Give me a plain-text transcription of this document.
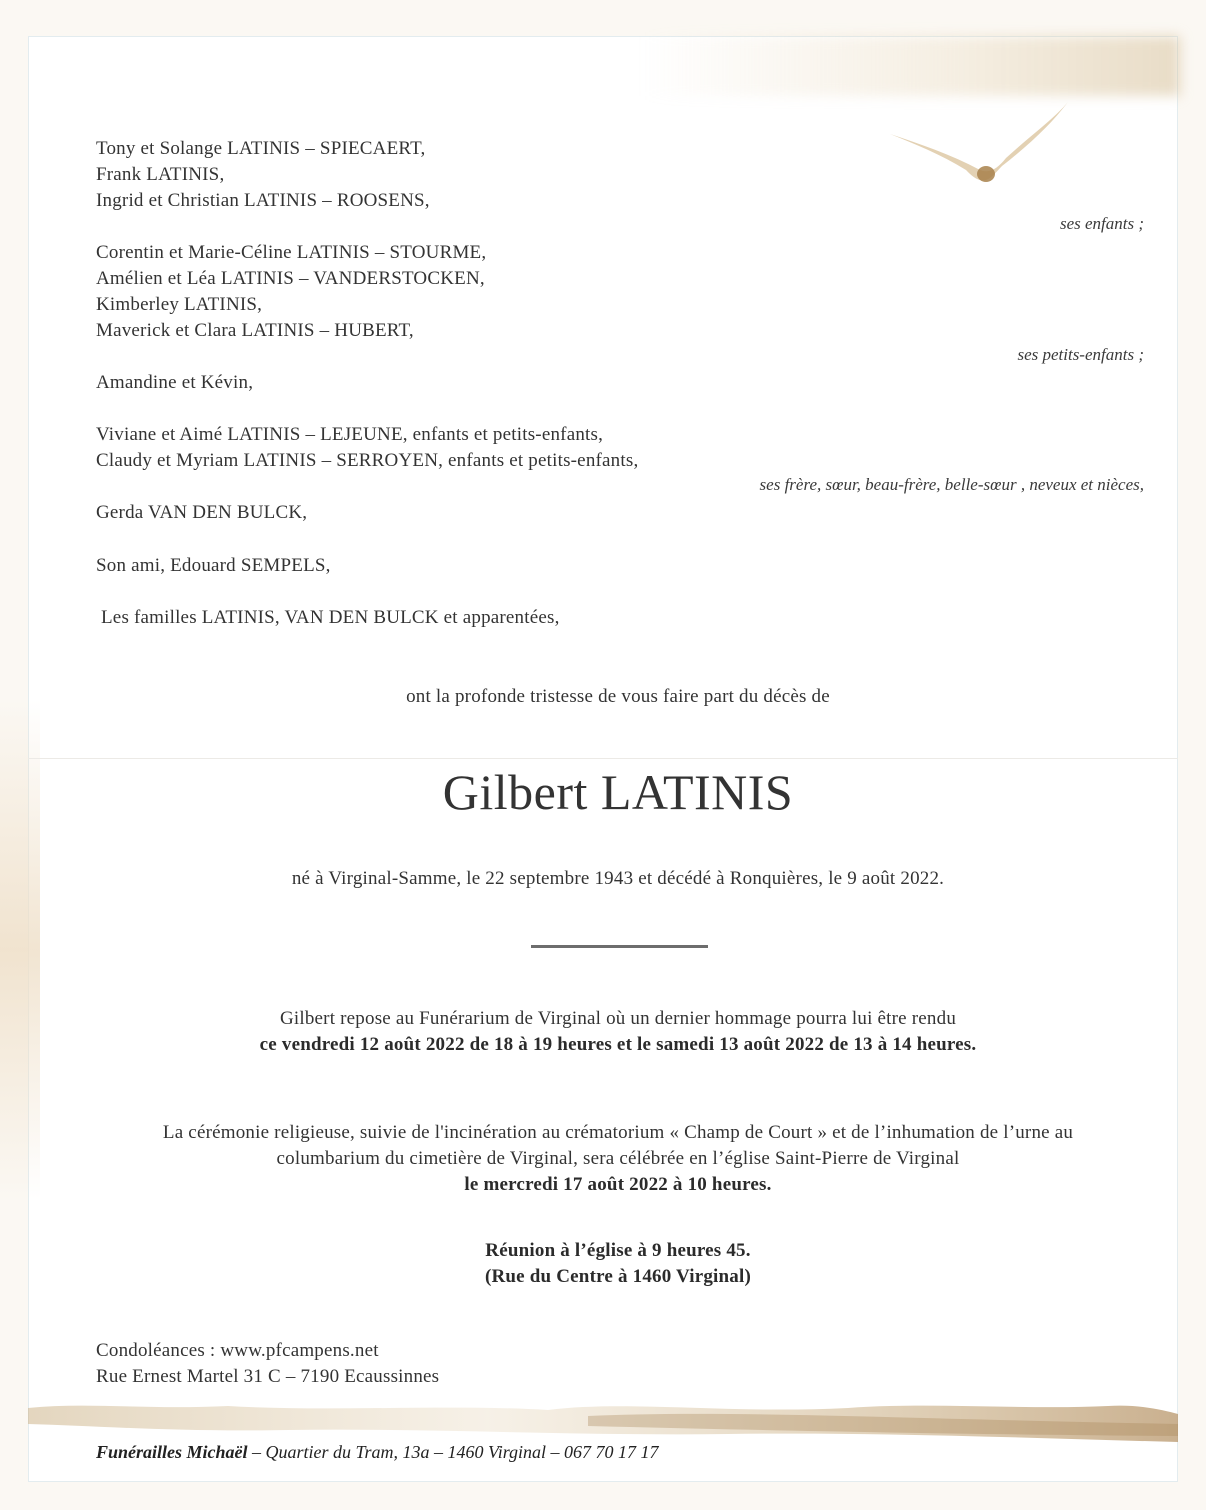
Tony et Solange LATINIS – SPIECAERT,
Frank LATINIS,
Ingrid et Christian LATINIS – ROOSENS,
ses enfants ;
Corentin et Marie-Céline LATINIS – STOURME,
Amélien et Léa LATINIS – VANDERSTOCKEN,
Kimberley LATINIS,
Maverick et Clara LATINIS – HUBERT,
ses petits-enfants ;
Amandine et Kévin,
Viviane et Aimé LATINIS – LEJEUNE, enfants et petits-enfants,
Claudy et Myriam LATINIS – SERROYEN, enfants et petits-enfants,
ses frère, sœur, beau-frère, belle-sœur , neveux et nièces,
Gerda VAN DEN BULCK,
Son ami, Edouard SEMPELS,
Les familles LATINIS, VAN DEN BULCK et apparentées,
ont la profonde tristesse de vous faire part du décès de
Gilbert LATINIS
né à Virginal-Samme, le 22 septembre 1943 et décédé à Ronquières, le 9 août 2022.
Gilbert repose au Funérarium de Virginal où un dernier hommage pourra lui être rendu
ce vendredi 12 août 2022 de 18 à 19 heures et le samedi 13 août 2022 de 13 à 14 heures.
La cérémonie religieuse, suivie de l'incinération au crématorium « Champ de Court » et de l’inhumation de l’urne au
columbarium du cimetière de Virginal, sera célébrée en l’église Saint-Pierre de Virginal
le mercredi 17 août 2022 à 10 heures.
Réunion à l’église à 9 heures 45.
(Rue du Centre à 1460 Virginal)
Condoléances : www.pfcampens.net
Rue Ernest Martel 31 C – 7190 Ecaussinnes
Funérailles Michaël – Quartier du Tram, 13a – 1460 Virginal – 067 70 17 17
